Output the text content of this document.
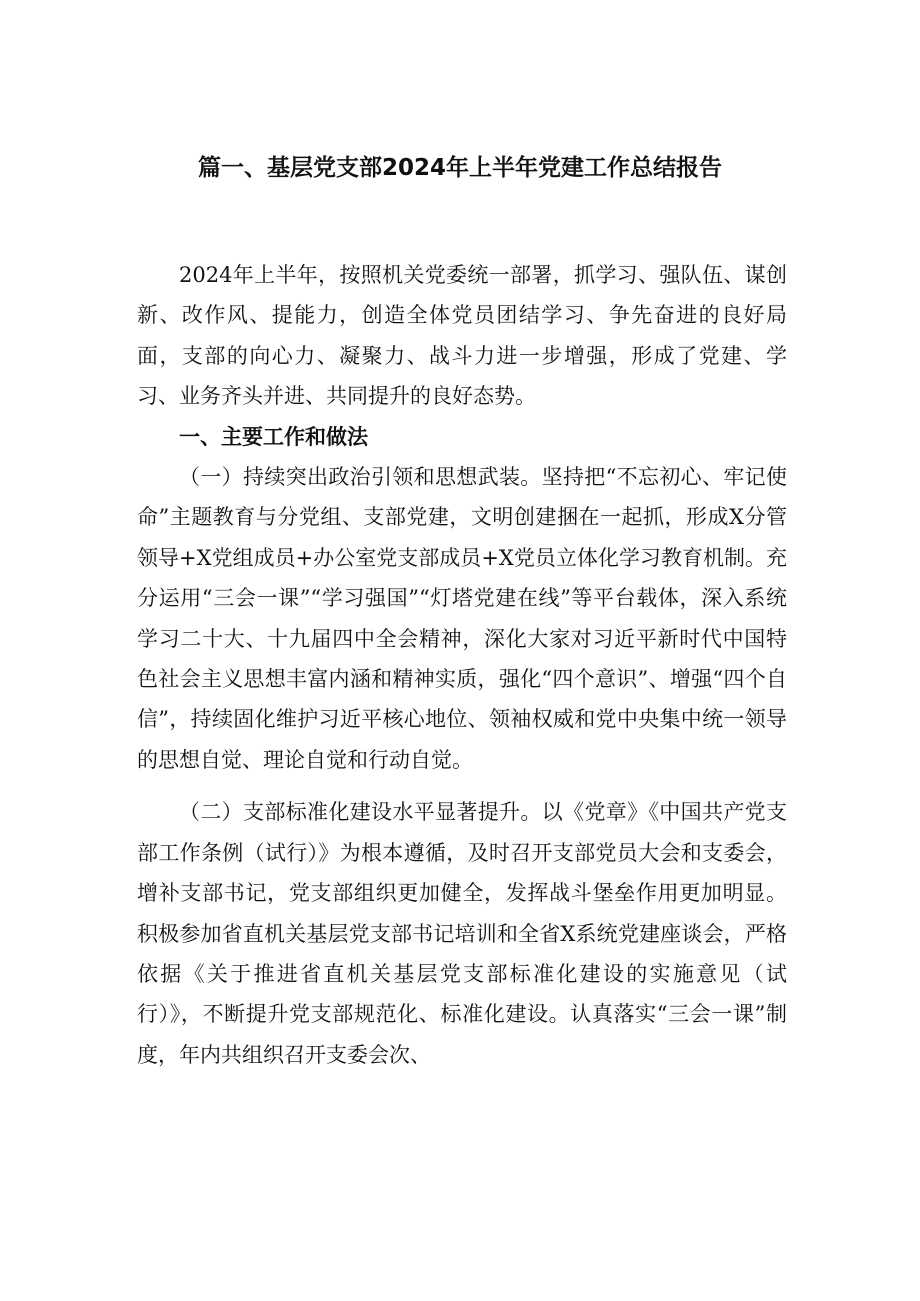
篇一、基层党支部2024年上半年党建工作总结报告

2024年上半年，按照机关党委统一部署，抓学习、强队伍、谋创新、改作风、提能力，创造全体党员团结学习、争先奋进的良好局面，支部的向心力、凝聚力、战斗力进一步增强，形成了党建、学习、业务齐头并进、共同提升的良好态势。

一、主要工作和做法

（一）持续突出政治引领和思想武装。坚持把“不忘初心、牢记使命”主题教育与分党组、支部党建，文明创建捆在一起抓，形成X分管领导+X党组成员+办公室党支部成员+X党员立体化学习教育机制。充分运用“三会一课”“学习强国”“灯塔党建在线”等平台载体，深入系统学习二十大、十九届四中全会精神，深化大家对习近平新时代中国特色社会主义思想丰富内涵和精神实质，强化“四个意识”、增强“四个自信”，持续固化维护习近平核心地位、领袖权威和党中央集中统一领导的思想自觉、理论自觉和行动自觉。

（二）支部标准化建设水平显著提升。以《党章》《中国共产党支部工作条例（试行）》为根本遵循，及时召开支部党员大会和支委会，增补支部书记，党支部组织更加健全，发挥战斗堡垒作用更加明显。积极参加省直机关基层党支部书记培训和全省X系统党建座谈会，严格依据《关于推进省直机关基层党支部标准化建设的实施意见（试行）》，不断提升党支部规范化、标准化建设。认真落实“三会一课”制度，年内共组织召开支委会次、
